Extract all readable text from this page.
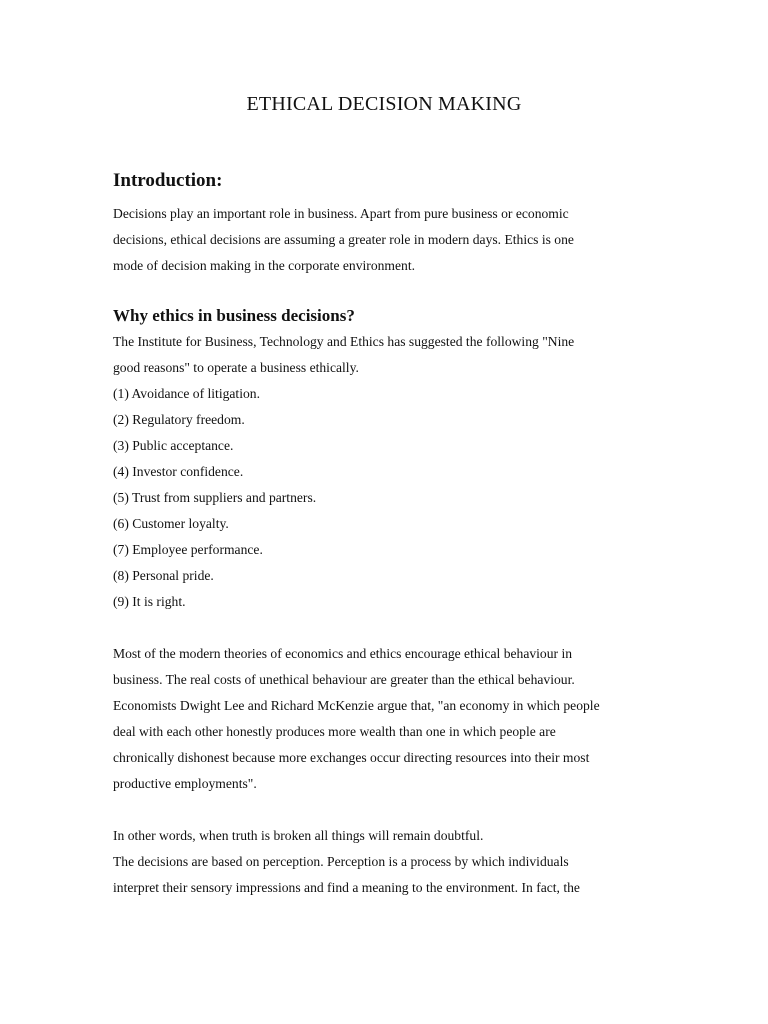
ETHICAL DECISION MAKING
Introduction:

Decisions play an important role in business. Apart from pure business or economic
decisions, ethical decisions are assuming a greater role in modern days. Ethics is one
mode of decision making in the corporate environment.

Why ethics in business decisions?

The Institute for Business, Technology and Ethics has suggested the following "Nine
good reasons" to operate a business ethically.

(1) Avoidance of litigation.
(2) Regulatory freedom.
(3) Public acceptance.
(4) Investor confidence.
(5) Trust from suppliers and partners.
(6) Customer loyalty.
(7) Employee performance.
(8) Personal pride.
(9) It is right.

Most of the modern theories of economics and ethics encourage ethical behaviour in
business. The real costs of unethical behaviour are greater than the ethical behaviour.
Economists Dwight Lee and Richard McKenzie argue that, "an economy in which people
deal with each other honestly produces more wealth than one in which people are
chronically dishonest because more exchanges occur directing resources into their most
productive employments".

In other words, when truth is broken all things will remain doubtful.

The decisions are based on perception. Perception is a process by which individuals
interpret their sensory impressions and find a meaning to the environment. In fact, the
